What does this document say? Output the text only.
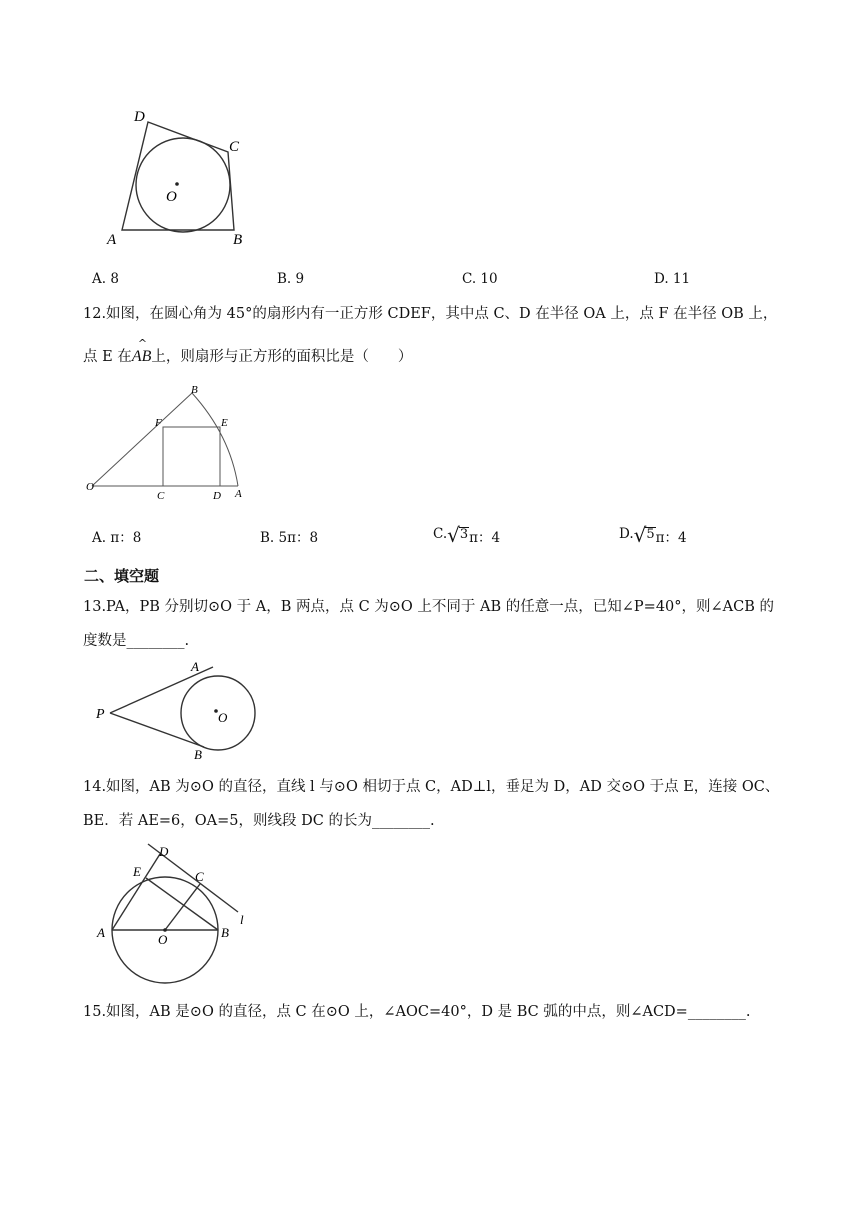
D
C
O
A	B
A. 8	B. 9	C. 10	D. 11
12.如图，在圆心角为 45°的扇形内有一正方形 CDEF，其中点 C、D 在半径 OA 上，点 F 在半径 OB 上，
点 E 在
^
AB 上，则扇形与正方形的面积比是（　　）
O
B
F	E
C	D A
A. π：8	B. 5π：8	C. √ 3 π：4	D. √ 5 π：4
二、填空题
13.PA，PB 分别切⊙O 于 A，B 两点，点 C 为⊙O 上不同于 AB 的任意一点，已知∠P=40°，则∠ACB 的
度数是________.
P
A
B
O
14.如图，AB 为⊙O 的直径，直线 l 与⊙O 相切于点 C，AD⊥l，垂足为 D，AD 交⊙O 于点 E，连接 OC、
BE．若 AE=6，OA=5，则线段 DC 的长为________.
D
E	C
l
A	O	B
15.如图，AB 是⊙O 的直径，点 C 在⊙O 上，∠AOC=40°，D 是 BC 弧的中点，则∠ACD=________.
